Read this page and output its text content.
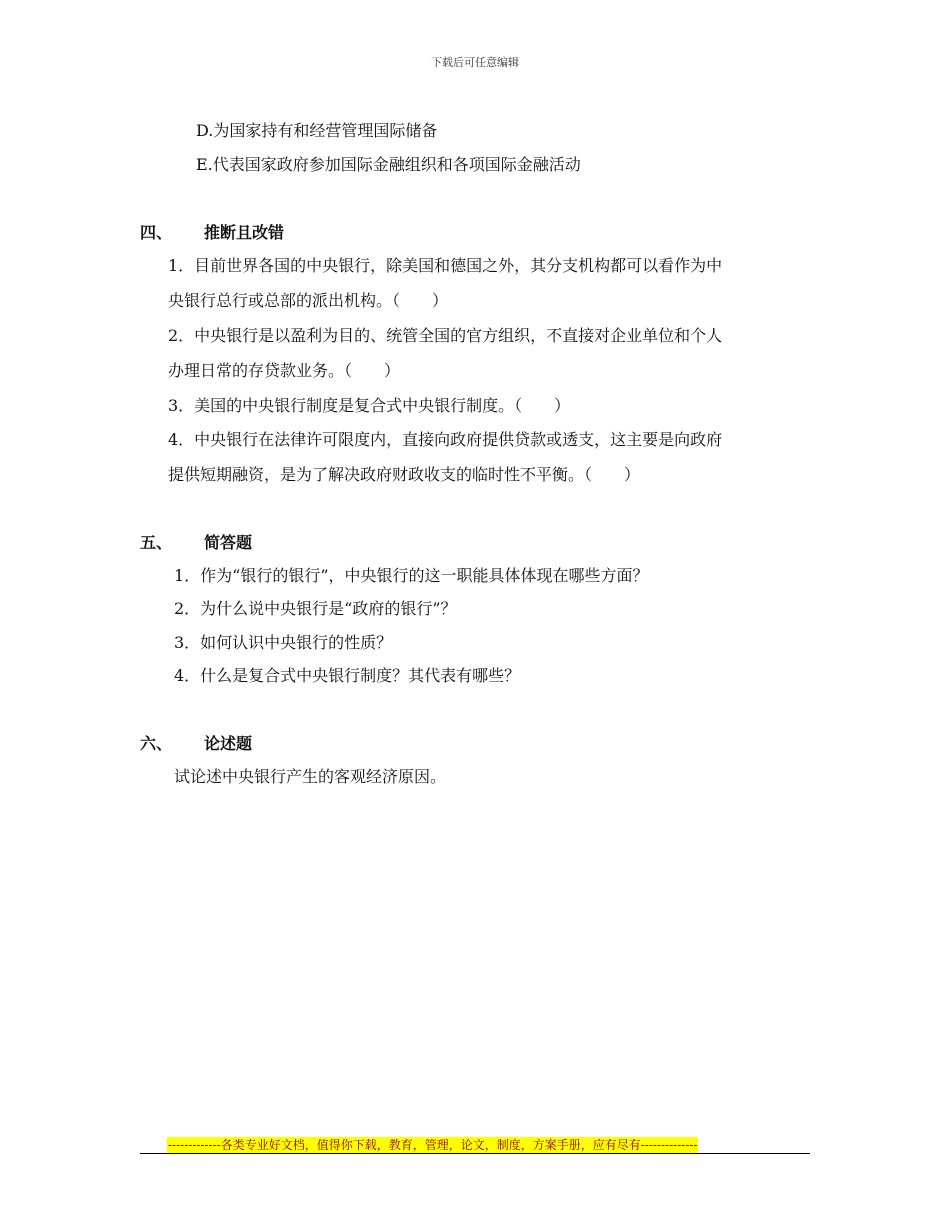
下载后可任意编辑
D.为国家持有和经营管理国际储备
E.代表国家政府参加国际金融组织和各项国际金融活动
四、 推断且改错
1．目前世界各国的中央银行，除美国和德国之外，其分支机构都可以看作为中
央银行总行或总部的派出机构。（　　）
2．中央银行是以盈利为目的、统管全国的官方组织，不直接对企业单位和个人
办理日常的存贷款业务。（　　）
3．美国的中央银行制度是复合式中央银行制度。（　　）
4．中央银行在法律许可限度内，直接向政府提供贷款或透支，这主要是向政府
提供短期融资，是为了解决政府财政收支的临时性不平衡。（　　）
五、 简答题
1．作为“银行的银行”，中央银行的这一职能具体体现在哪些方面？
2．为什么说中央银行是“政府的银行”？
3．如何认识中央银行的性质？
4．什么是复合式中央银行制度？其代表有哪些？
六、 论述题
试论述中央银行产生的客观经济原因。
-------------各类专业好文档，值得你下载，教育，管理，论文，制度，方案手册，应有尽有--------------
